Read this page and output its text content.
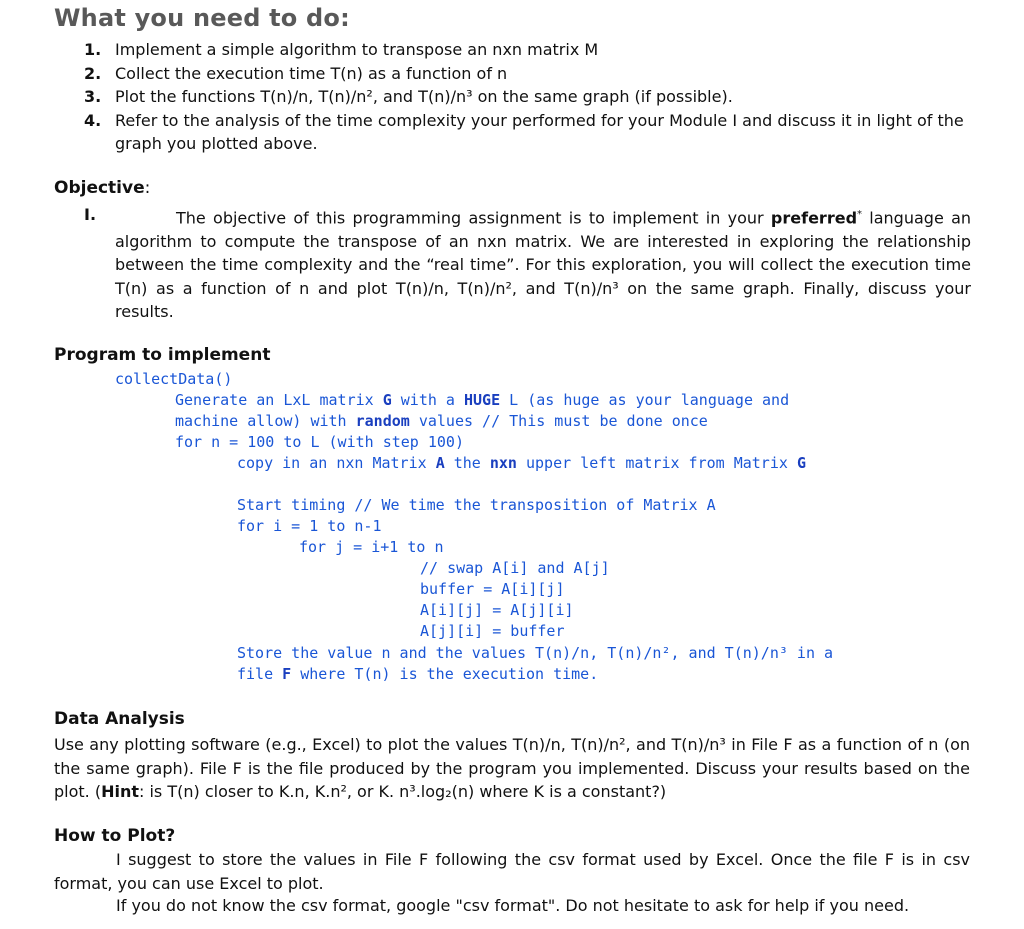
What you need to do:
1. Implement a simple algorithm to transpose an nxn matrix M
2. Collect the execution time T(n) as a function of n
3. Plot the functions T(n)/n, T(n)/n², and T(n)/n³ on the same graph (if possible).
4. Refer to the analysis of the time complexity your performed for your Module I and discuss it in light of the graph you plotted above.
Objective:
I.	The objective of this programming assignment is to implement in your preferred* language an algorithm to compute the transpose of an nxn matrix. We are interested in exploring the relationship between the time complexity and the “real time”. For this exploration, you will collect the execution time T(n) as a function of n and plot T(n)/n, T(n)/n², and T(n)/n³ on the same graph. Finally, discuss your results.
Program to implement
collectData()
Generate an LxL matrix G with a HUGE L (as huge as your language and
machine allow) with random values // This must be done once
for n = 100 to L (with step 100)
copy in an nxn Matrix A the nxn upper left matrix from Matrix G
Start timing // We time the transposition of Matrix A
for i = 1 to n-1
for j = i+1 to n
// swap A[i] and A[j]
buffer = A[i][j]
A[i][j] = A[j][i]
A[j][i] = buffer
Store the value n and the values T(n)/n, T(n)/n², and T(n)/n³ in a
file F where T(n) is the execution time.
Data Analysis
Use any plotting software (e.g., Excel) to plot the values T(n)/n, T(n)/n², and T(n)/n³ in File F as a function of n (on the same graph). File F is the file produced by the program you implemented. Discuss your results based on the plot. (Hint: is T(n) closer to K.n, K.n², or K. n³.log₂(n) where K is a constant?)
How to Plot?
I suggest to store the values in File F following the csv format used by Excel. Once the file F is in csv format, you can use Excel to plot.
If you do not know the csv format, google "csv format". Do not hesitate to ask for help if you need.
